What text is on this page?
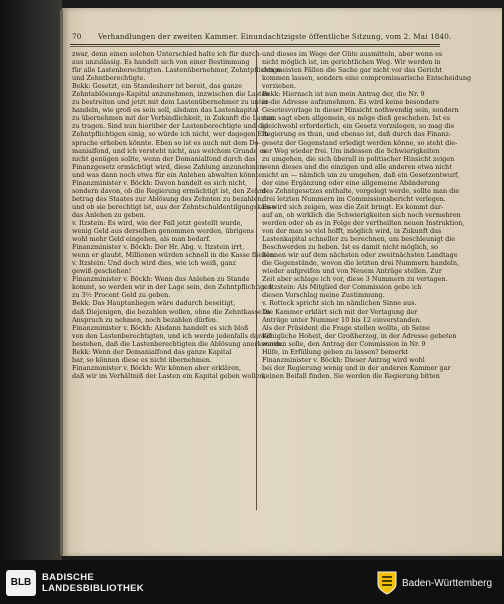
70 Verhandlungen der zweiten Kammer. Einundachtzigste öffentliche Sitzung, vom 2. Mai 1840.
zwar, denn einen solchen Unterschied halte ich für durch-
aus unzulässig. Es handelt sich von einer Bestimmung
für alle Lastenberechtigten. Lastenübernehmer, Zehntpflichtige
und Zehntberechtigte.
Bekk: Gesetzt, ein Standesherr ist bereit, das ganze
Zehntablösungs-Kapital anzunehmen, inzwischen die Lasten
zu bestreiten und jetzt mit dem Lastenübernehmer zu unter-
handeln, wie groß es sein soll, alsdann das Lastenkapital
zu übernehmen mit der Verbindlichkeit, in Zukunft die Lasten
zu tragen. Sind nun hierüber der Lastenberechtigte und die
Zehntpflichtigen einig, so würde ich nicht, wer dagegen Ein-
sprache erheben könnte. Eben so ist es auch mit dem Do-
manialfond, und ich versteht nicht, aus welchem Grunde es
nicht genügen sollte, wenn der Domanialfond durch das
Finanzgesetz ermächtigt wird, diese Zahlung anzunehmen
und was dann noch etwa für ein Anlehen abwalten könnte.
Finanzminister v. Böckh: Davon handelt es sich nicht,
sondern davon, ob die Regierung ermächtigt ist, den Zehnt-
betrag des Staates zur Ablösung des Zehnten zu bezahlen,
und ob sie berechtigt ist, aus der Zehntschuldentilgungskasse
das Anlehen zu geben.
v. Itzstein: Es wird, wie der Fall jetzt gestellt wurde,
wenig Geld aus derselben genommen werden, übrigens
wohl mehr Geld eingehen, als man bedarf.
Finanzminister v. Böckh: Der Hr. Abg. v. Itzstein irrt,
wenn er glaubt, Millionen würden schnell in die Kasse fließen.
v. Itzstein: Und doch wird dies, wie ich weiß, ganz
gewiß geschehen!
Finanzminister v. Böckh: Wenn das Anlehen zu Stande
kommt, so werden wir in der Lage sein, den Zehntpflichtigen
zu 3½ Procent Geld zu geben.
Bekk: Das Hauptanliegen wäre dadurch beseitigt,
daß Diejenigen, die bezahlen wollen, ohne die Zehntkasse in
Anspruch zu nehmen, noch bezahlen dürfen.
Finanzminister v. Böckh: Alsdann handelt es sich bloß
von den Lastenberechtigten, und ich werde jedenfalls darauf
bestehen, daß die Lastenberechtigten die Ablösung anerkennen.
Bekk: Wenn der Domanialfond das ganze Kapital
bar, so können diese es nicht übernehmen.
Finanzminister v. Böckh: Wir können aber erklären,
daß wir im Verhältniß der Lasten ein Kapital geben wollen,
und dieses im Wege der Güte ausmitteln, aber wenn es
nicht möglich ist, im gerichtlichen Weg. Wir werden in
den meisten Fällen die Sache gar nicht vor das Gericht
kommen lassen, sondern eine compromissarische Entscheidung
vorziehen.
Bekk: Hiernach ist nun mein Antrag der, die Nr. 9
in die Adresse aufzunehmen. Es wird keine besondere
Gesetesvorlage in dieser Hinsicht nothwendig sein, sondern
man sagt eben allgemein, es möge dieß geschehen. Ist es
gleichwohl erforderlich, ein Gesetz vorzulegen, so mag die
Regierung es thun, und ebenso ist, daß durch das Finanz-
gesetz der Gegenstand erledigt werden könne, so steht die-
ser Weg wieder frei. Um indessen die Schwierigkeiten
zu umgehen, die sich überall in politischer Hinsicht zeigen
wenn dieses und die einzigen und alle anderen etwa nicht
nicht an — nämlich um zu umgehen, daß ein Gesetzentwurf,
der eine Ergänzung oder eine allgemeine Abänderung
des Zehntgesetzes enthalte, vorgelegt werde, sollte man die
drei letzten Nummern im Commissionsbericht verlegen.
Es wird sich zeigen, was die Zeit bringt. Es kommt dar-
auf an, ob wirklich die Schwierigkeiten sich noch vermehren
werden oder ob es in Folge der vertheilten neuen Instruktion,
von der man so viel hofft, möglich wird, in Zukunft das
Lastenkapital schneller zu berechnen, um beschleunigt die
Beschwerden zu heben. Ist es damit nicht möglich, so
können wir auf dem nächsten oder zweitnächsten Landtage
die Gegenstände, wovon die letzten drei Nummern handeln,
wieder aufgreifen und von Neuem Anträge stellen. Zur
Zeit aber schlage ich vor, diese 3 Nummern zu vertagen.
v. Itzstein: Als Mitglied der Commission gebe ich
diesen Vorschlag meine Zustimmung.
v. Rotteck spricht sich im nämlichen Sinne aus.
Die Kammer erklärt sich mit der Vertagung der
Anträge unter Nummer 10 bis 12 einverstanden.
Als der Präsident die Frage stellen wollte, ob Seine
Königliche Hoheit, der Großherzog, in der Adresse gebeten
werden solle, den Antrag der Commission in Nr. 9
Hilfe, in Erfüllung geben zu lassen? bemerkt
Finanzminister v. Böckh: Dieser Antrag wird wohl
bei der Regierung wenig und in der anderen Kammer gar
keinen Beifall finden. Sie werden die Regierung bitten
BLB	BADISCHE
LANDESBIBLIOTHEK	Baden-Württemberg
